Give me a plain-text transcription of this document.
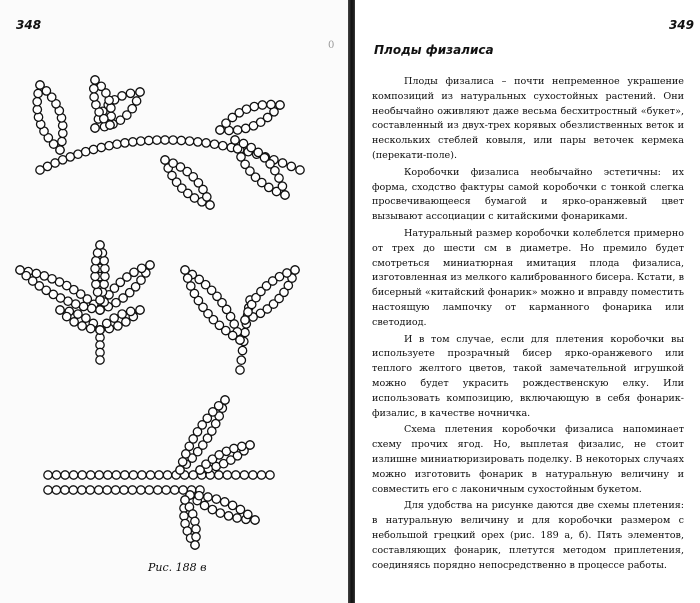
348
0
Рис. 188 в
349
Плоды физалиса

Плоды физалиса – почти непременное украшение композиций из натуральных сухостойных растений. Они необычайно оживляют даже весьма бесхитростный «букет», составленный из двух-трех корявых обезлиственных веток и нескольких стеблей ковыля, или пары веточек кермека (перекати-поле).

Коробочки физалиса необычайно эстетичны: их форма, сходство фактуры самой коробочки с тонкой слегка просвечивающееся бумагой и ярко-оранжевый цвет вызывают ассоциации с китайскими фонариками.

Натуральный размер коробочки колеблется примерно от трех до шести см в диаметре. Но премило будет смотреться миниатюрная имитация плода физалиса, изготовленная из мелкого калиброванного бисера. Кстати, в бисерный «китайский фонарик» можно и вправду поместить настоящую лампочку от карманного фонарика или светодиод.

И в том случае, если для плетения коробочки вы используете прозрачный бисер ярко-оранжевого или теплого желтого цветов, такой замечательной игрушкой можно будет украсить рождественскую елку. Или использовать композицию, включающую в себя фонарик-физалис, в качестве ночничка.

Схема плетения коробочки физалиса напоминает схему прочих ягод. Но, выплетая физалис, не стоит излишне миниатюризировать поделку. В некоторых случаях можно изготовить фонарик в натуральную величину и совместить его с лаконичным сухостойным букетом.

Для удобства на рисунке даются две схемы плетения: в натуральную величину и для коробочки размером с небольшой грецкий орех (рис. 189 а, б). Пять элементов, составляющих фонарик, плетутся методом приплетения, соединяясь порядно непосредственно в процессе работы.
